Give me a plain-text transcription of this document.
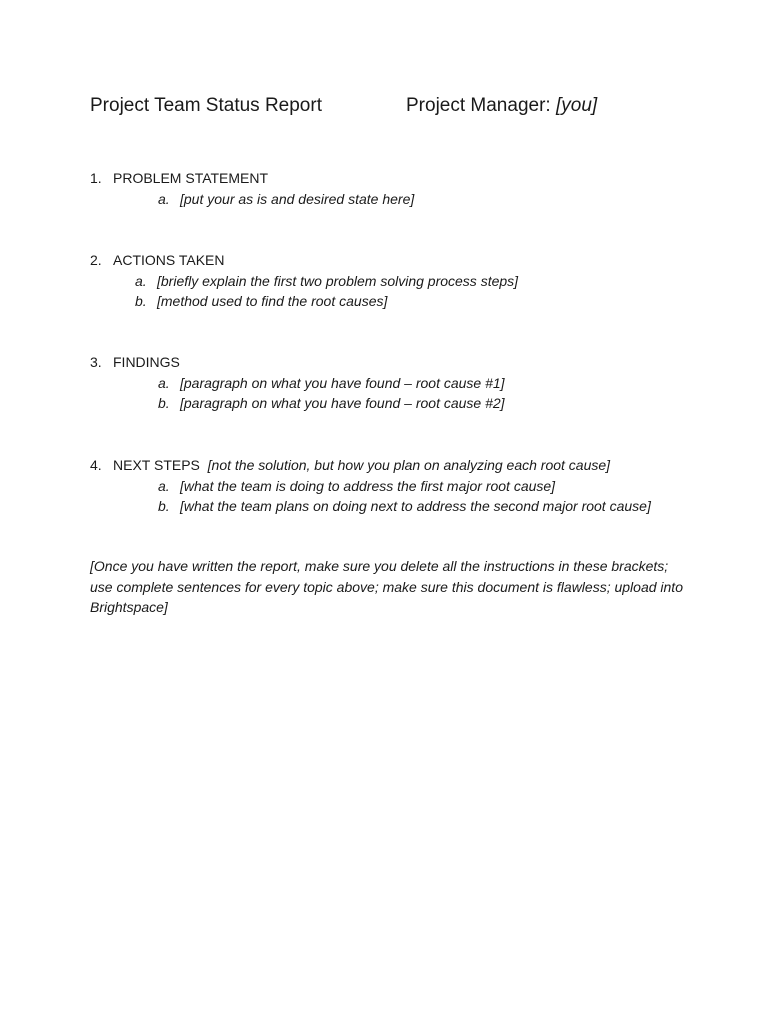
Project Team Status Report	Project Manager: [you]
1. PROBLEM STATEMENT
a. [put your as is and desired state here]
2. ACTIONS TAKEN
a. [briefly explain the first two problem solving process steps]
b. [method used to find the root causes]
3. FINDINGS
a. [paragraph on what you have found – root cause #1]
b. [paragraph on what you have found – root cause #2]
4. NEXT STEPS [not the solution, but how you plan on analyzing each root cause]
a. [what the team is doing to address the first major root cause]
b. [what the team plans on doing next to address the second major root cause]
[Once you have written the report, make sure you delete all the instructions in these brackets;
use complete sentences for every topic above; make sure this document is flawless; upload into
Brightspace]
